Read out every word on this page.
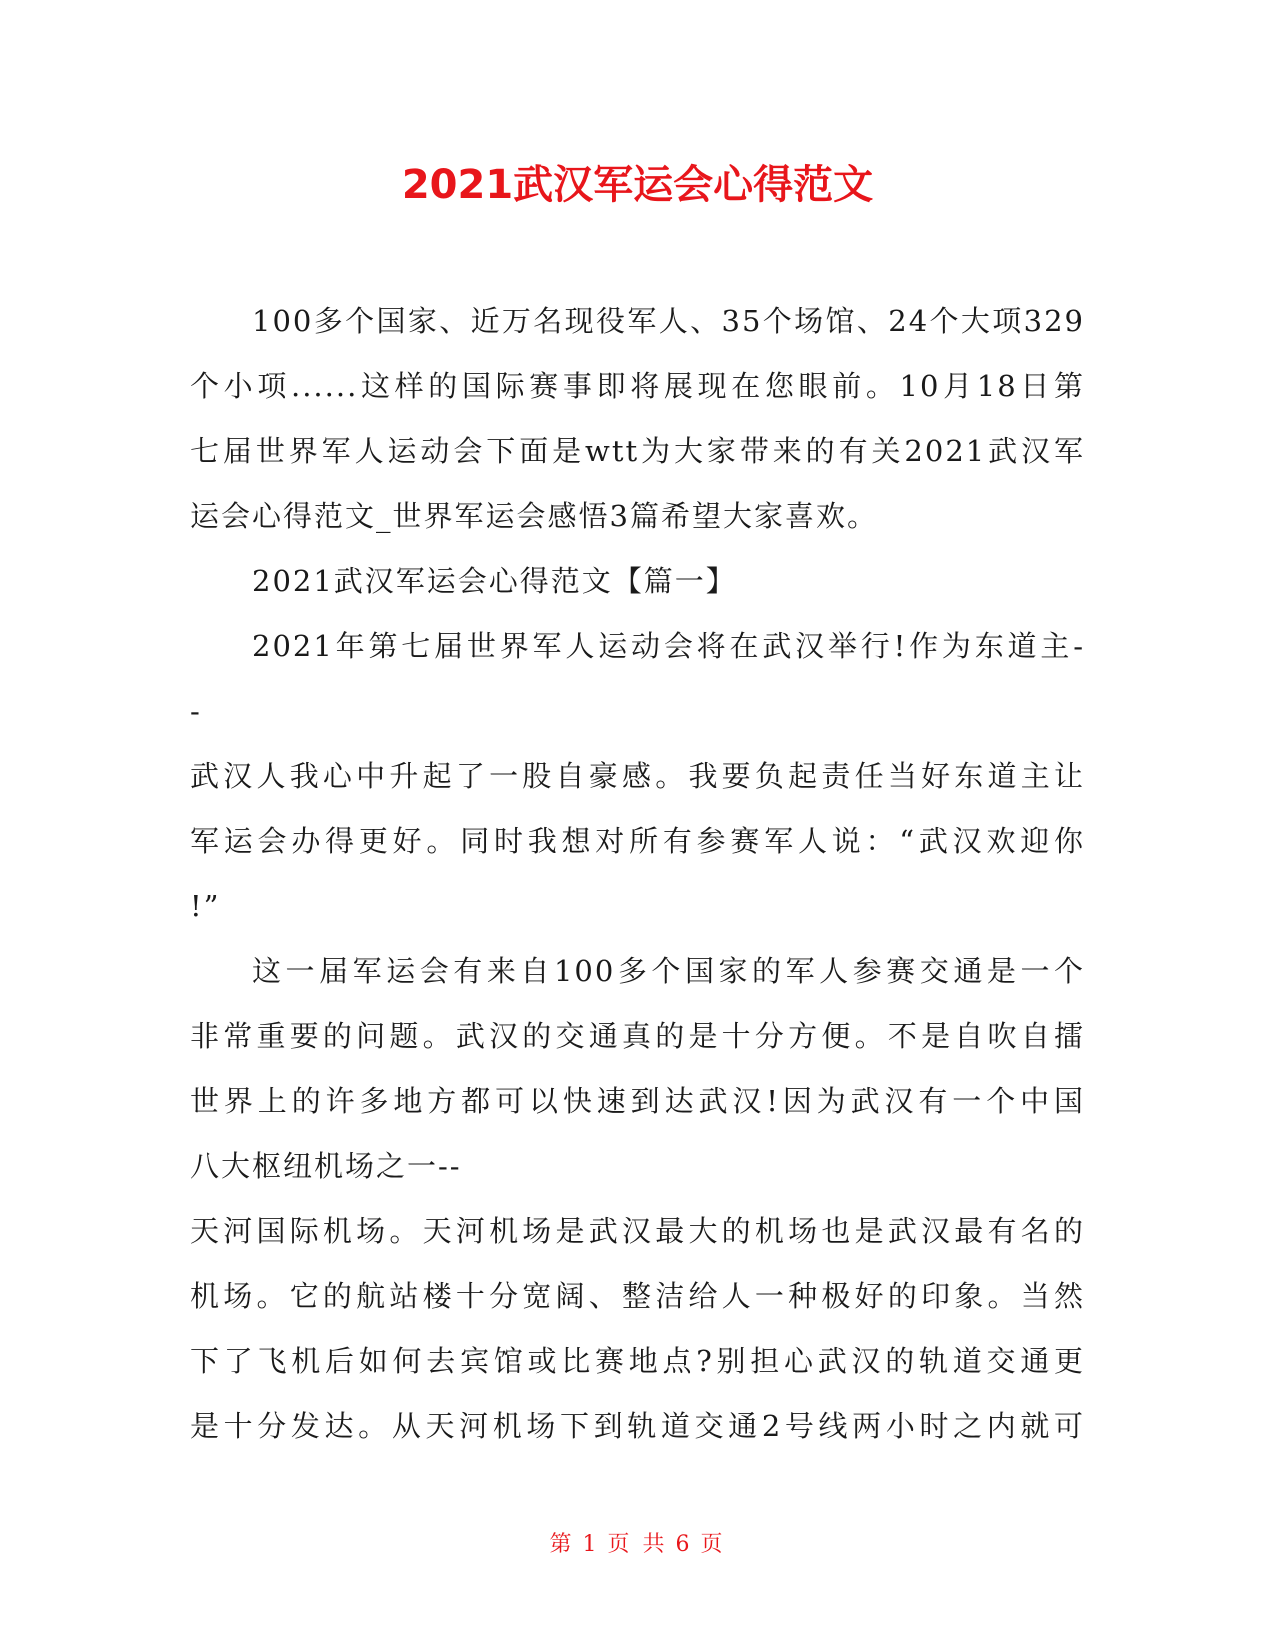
2021武汉军运会心得范文
100多个国家、近万名现役军人、35个场馆、24个大项329
个小项......这样的国际赛事即将展现在您眼前。10月18日第
七届世界军人运动会下面是wtt为大家带来的有关2021武汉军
运会心得范文_世界军运会感悟3篇希望大家喜欢。
2021武汉军运会心得范文【篇一】
2021年第七届世界军人运动会将在武汉举行!作为东道主-
-
武汉人我心中升起了一股自豪感。我要负起责任当好东道主让
军运会办得更好。同时我想对所有参赛军人说：“武汉欢迎你
!”
这一届军运会有来自100多个国家的军人参赛交通是一个
非常重要的问题。武汉的交通真的是十分方便。不是自吹自擂
世界上的许多地方都可以快速到达武汉!因为武汉有一个中国
八大枢纽机场之一--
天河国际机场。天河机场是武汉最大的机场也是武汉最有名的
机场。它的航站楼十分宽阔、整洁给人一种极好的印象。当然
下了飞机后如何去宾馆或比赛地点?别担心武汉的轨道交通更
是十分发达。从天河机场下到轨道交通2号线两小时之内就可
第 1 页 共 6 页
